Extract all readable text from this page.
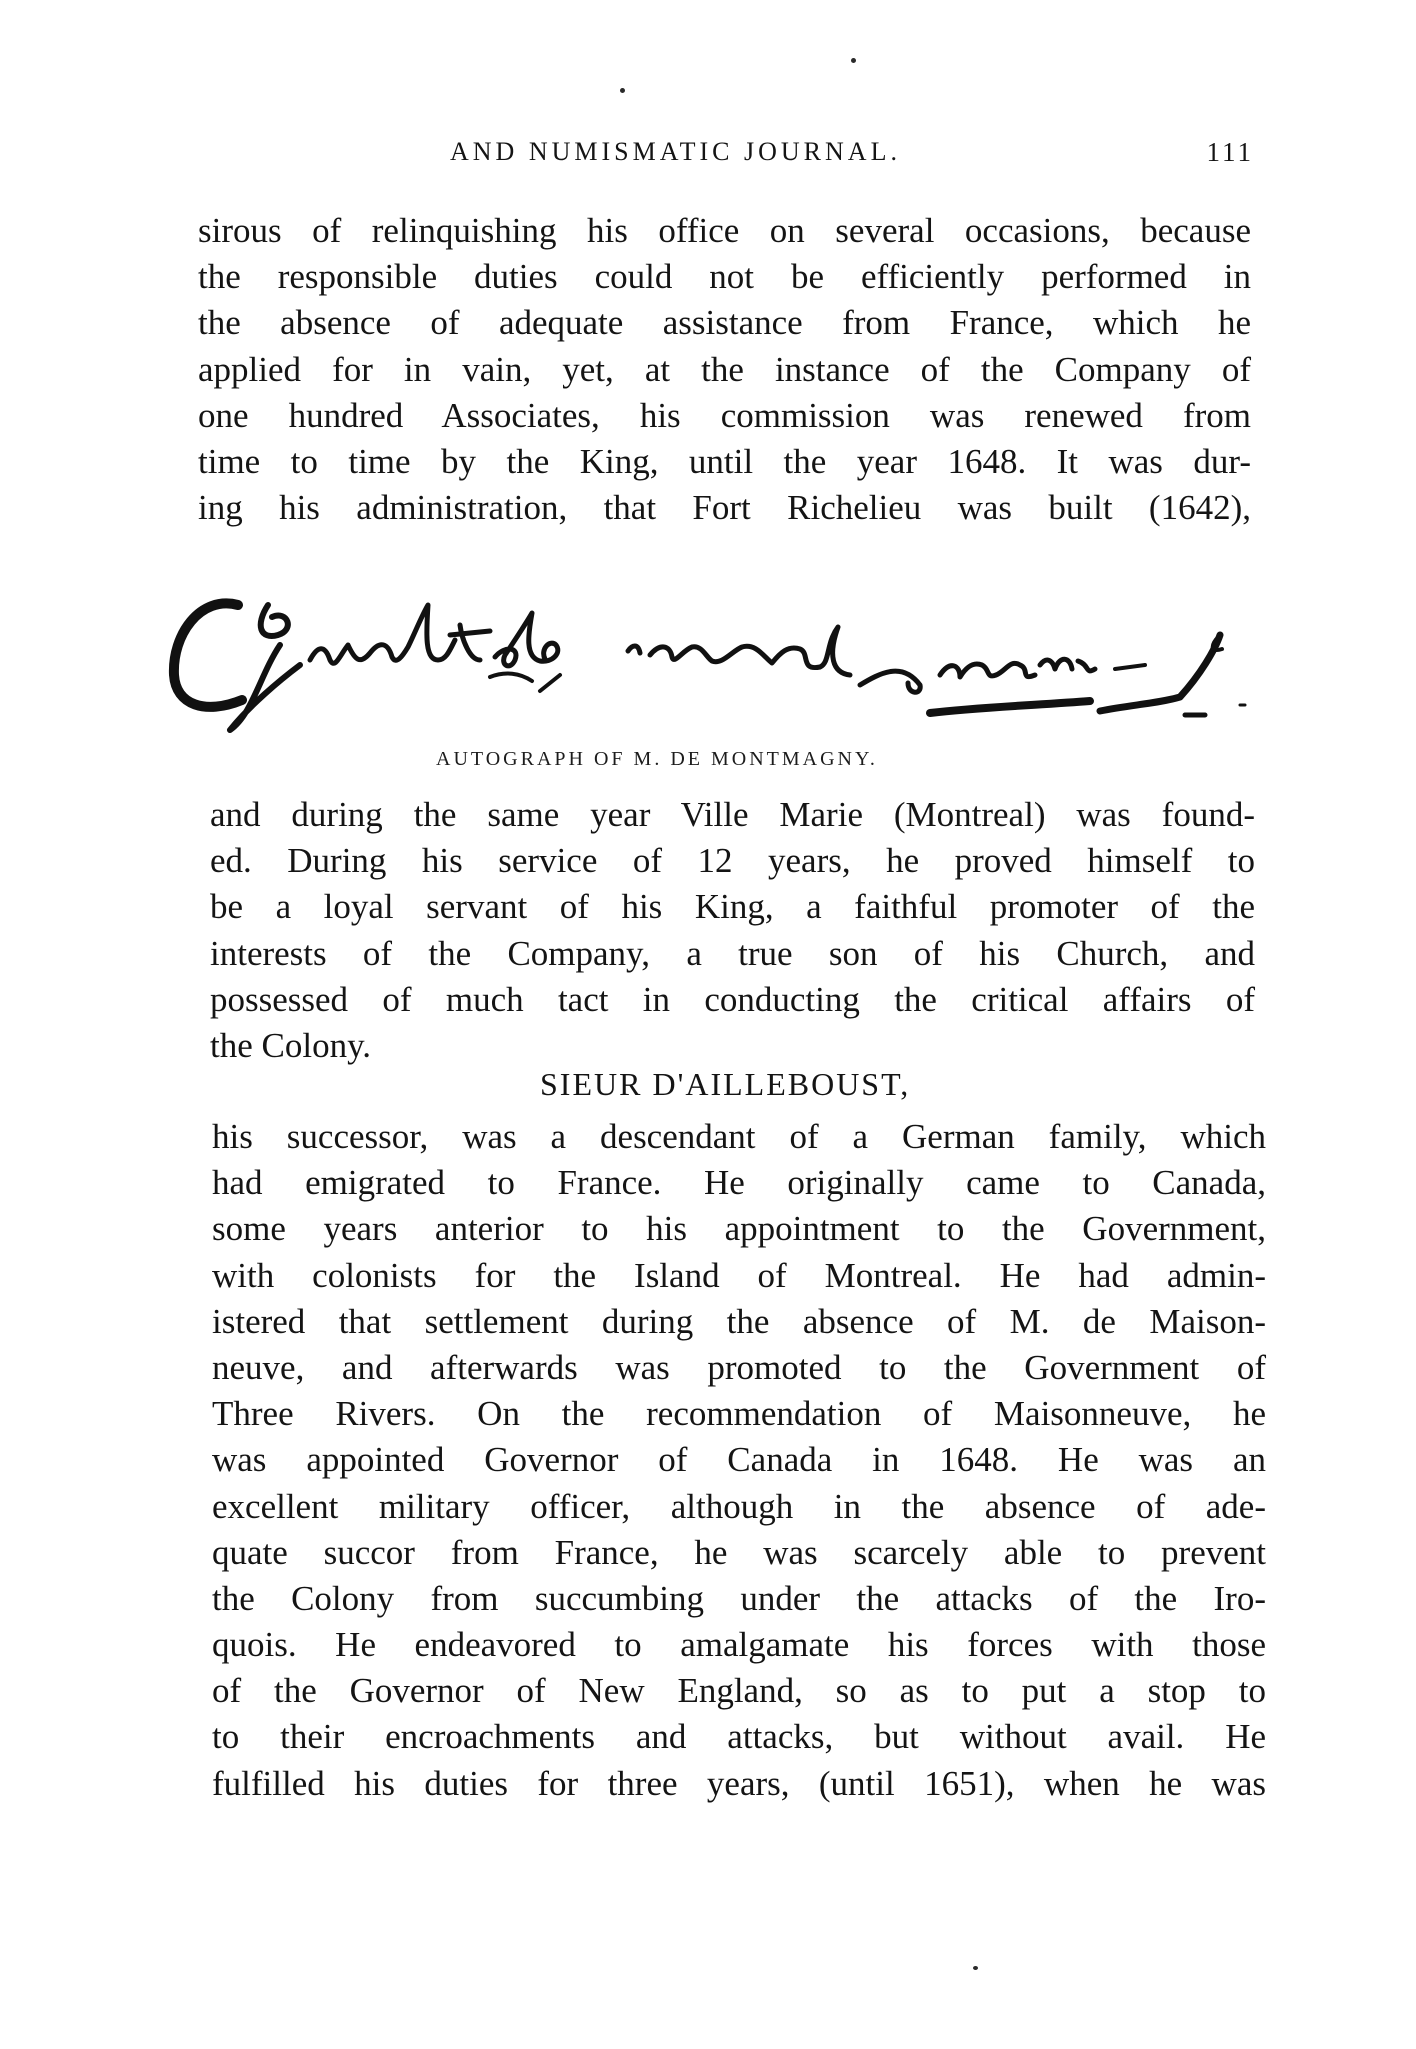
AND NUMISMATIC JOURNAL.	111
sirous of relinquishing his office on several occasions, because
the responsible duties could not be efficiently performed in
the absence of adequate assistance from France, which he
applied for in vain, yet, at the instance of the Company of
one hundred Associates, his commission was renewed from
time to time by the King, until the year 1648. It was dur-
ing his administration, that Fort Richelieu was built (1642),
AUTOGRAPH OF M. DE MONTMAGNY.
and during the same year Ville Marie (Montreal) was found-
ed. During his service of 12 years, he proved himself to
be a loyal servant of his King, a faithful promoter of the
interests of the Company, a true son of his Church, and
possessed of much tact in conducting the critical affairs of
the Colony.
SIEUR D'AILLEBOUST,
his successor, was a descendant of a German family, which
had emigrated to France. He originally came to Canada,
some years anterior to his appointment to the Government,
with colonists for the Island of Montreal. He had admin-
istered that settlement during the absence of M. de Maison-
neuve, and afterwards was promoted to the Government of
Three Rivers. On the recommendation of Maisonneuve, he
was appointed Governor of Canada in 1648. He was an
excellent military officer, although in the absence of ade-
quate succor from France, he was scarcely able to prevent
the Colony from succumbing under the attacks of the Iro-
quois. He endeavored to amalgamate his forces with those
of the Governor of New England, so as to put a stop to
to their encroachments and attacks, but without avail. He
fulfilled his duties for three years, (until 1651), when he was
